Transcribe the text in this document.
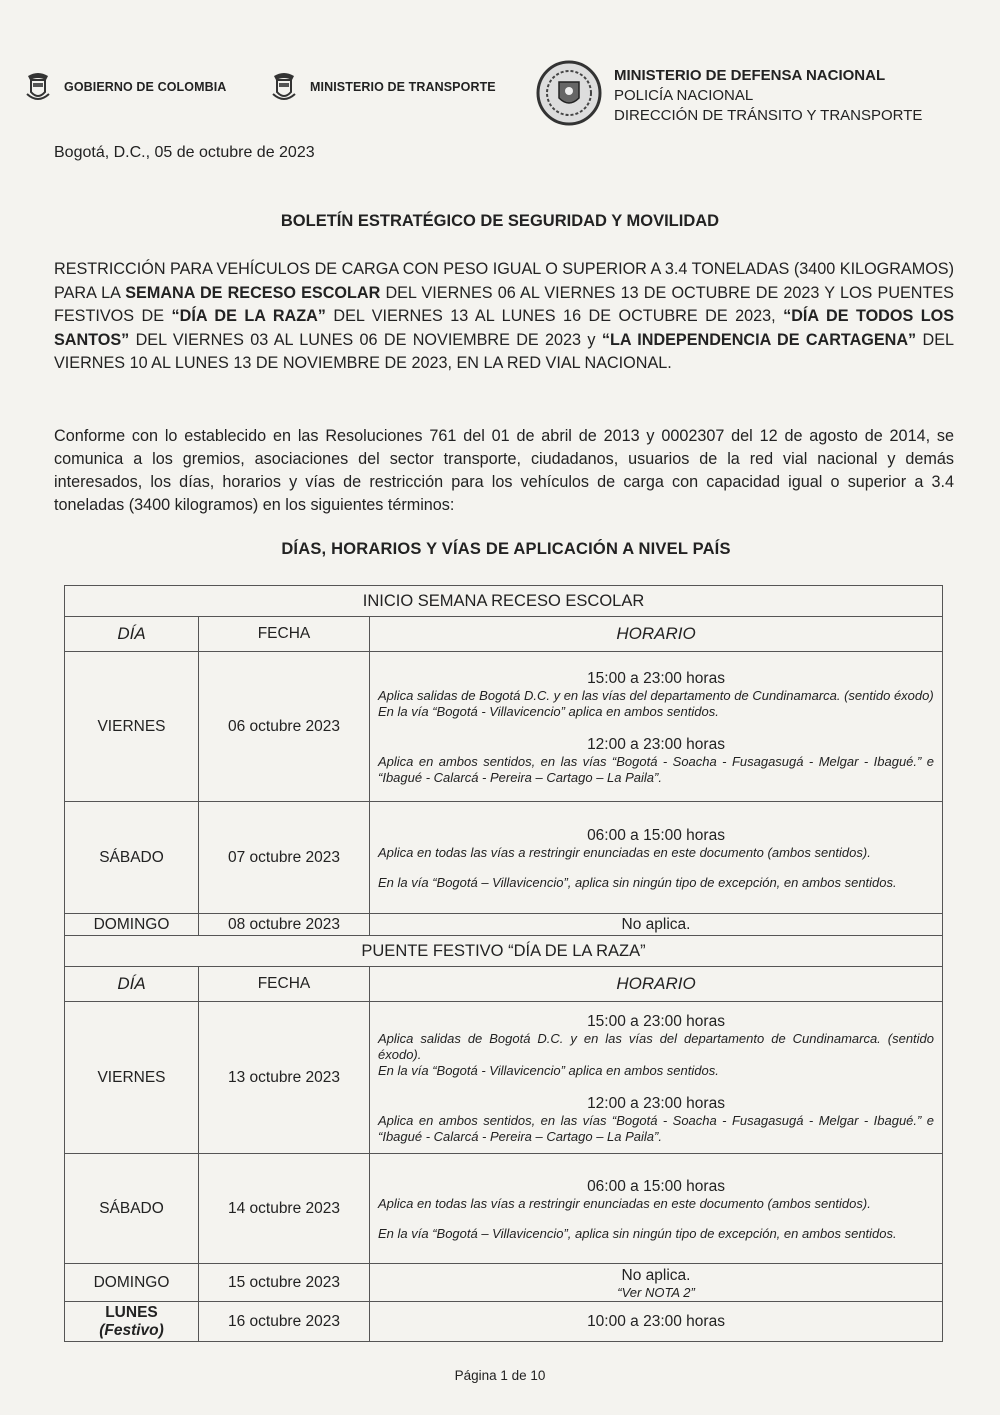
GOBIERNO DE COLOMBIA	MINISTERIO DE TRANSPORTE
MINISTERIO DE DEFENSA NACIONAL
POLICÍA NACIONAL
DIRECCIÓN DE TRÁNSITO Y TRANSPORTE
Bogotá, D.C., 05 de octubre de 2023
BOLETÍN ESTRATÉGICO DE SEGURIDAD Y MOVILIDAD
RESTRICCIÓN PARA VEHÍCULOS DE CARGA CON PESO IGUAL O SUPERIOR A 3.4 TONELADAS (3400 KILOGRAMOS) PARA LA SEMANA DE RECESO ESCOLAR DEL VIERNES 06 AL VIERNES 13 DE OCTUBRE DE 2023 Y LOS PUENTES FESTIVOS DE “DÍA DE LA RAZA” DEL VIERNES 13 AL LUNES 16 DE OCTUBRE DE 2023, “DÍA DE TODOS LOS SANTOS” DEL VIERNES 03 AL LUNES 06 DE NOVIEMBRE DE 2023 y “LA INDEPENDENCIA DE CARTAGENA” DEL VIERNES 10 AL LUNES 13 DE NOVIEMBRE DE 2023, EN LA RED VIAL NACIONAL.
Conforme con lo establecido en las Resoluciones 761 del 01 de abril de 2013 y 0002307 del 12 de agosto de 2014, se comunica a los gremios, asociaciones del sector transporte, ciudadanos, usuarios de la red vial nacional y demás interesados, los días, horarios y vías de restricción para los vehículos de carga con capacidad igual o superior a 3.4 toneladas (3400 kilogramos) en los siguientes términos:
DÍAS, HORARIOS Y VÍAS DE APLICACIÓN A NIVEL PAÍS
INICIO SEMANA RECESO ESCOLAR		
DÍA	FECHA	HORARIO
VIERNES	06 octubre 2023	15:00 a 23:00 horas
Aplica salidas de Bogotá D.C. y en las vías del departamento de Cundinamarca. (sentido éxodo)
En la vía “Bogotá - Villavicencio” aplica en ambos sentidos.
12:00 a 23:00 horas
Aplica en ambos sentidos, en las vías “Bogotá - Soacha - Fusagasugá - Melgar - Ibagué.” e “Ibagué - Calarcá - Pereira – Cartago – La Paila”.

SÁBADO	07 octubre 2023	06:00 a 15:00 horas
Aplica en todas las vías a restringir enunciadas en este documento (ambos sentidos).
En la vía “Bogotá – Villavicencio”, aplica sin ningún tipo de excepción, en ambos sentidos.

DOMINGO	08 octubre 2023	No aplica.
PUENTE FESTIVO “DÍA DE LA RAZA”		
DÍA	FECHA	HORARIO
VIERNES	13 octubre 2023	15:00 a 23:00 horas
Aplica salidas de Bogotá D.C. y en las vías del departamento de Cundinamarca. (sentido éxodo).
En la vía “Bogotá - Villavicencio” aplica en ambos sentidos.
12:00 a 23:00 horas
Aplica en ambos sentidos, en las vías “Bogotá - Soacha - Fusagasugá - Melgar - Ibagué.” e “Ibagué - Calarcá - Pereira – Cartago – La Paila”.

SÁBADO	14 octubre 2023	06:00 a 15:00 horas
Aplica en todas las vías a restringir enunciadas en este documento (ambos sentidos).
En la vía “Bogotá – Villavicencio”, aplica sin ningún tipo de excepción, en ambos sentidos.

DOMINGO	15 octubre 2023	No aplica.
“Ver NOTA 2”

LUNES
(Festivo)	16 octubre 2023	10:00 a 23:00 horas
Página 1 de 10
